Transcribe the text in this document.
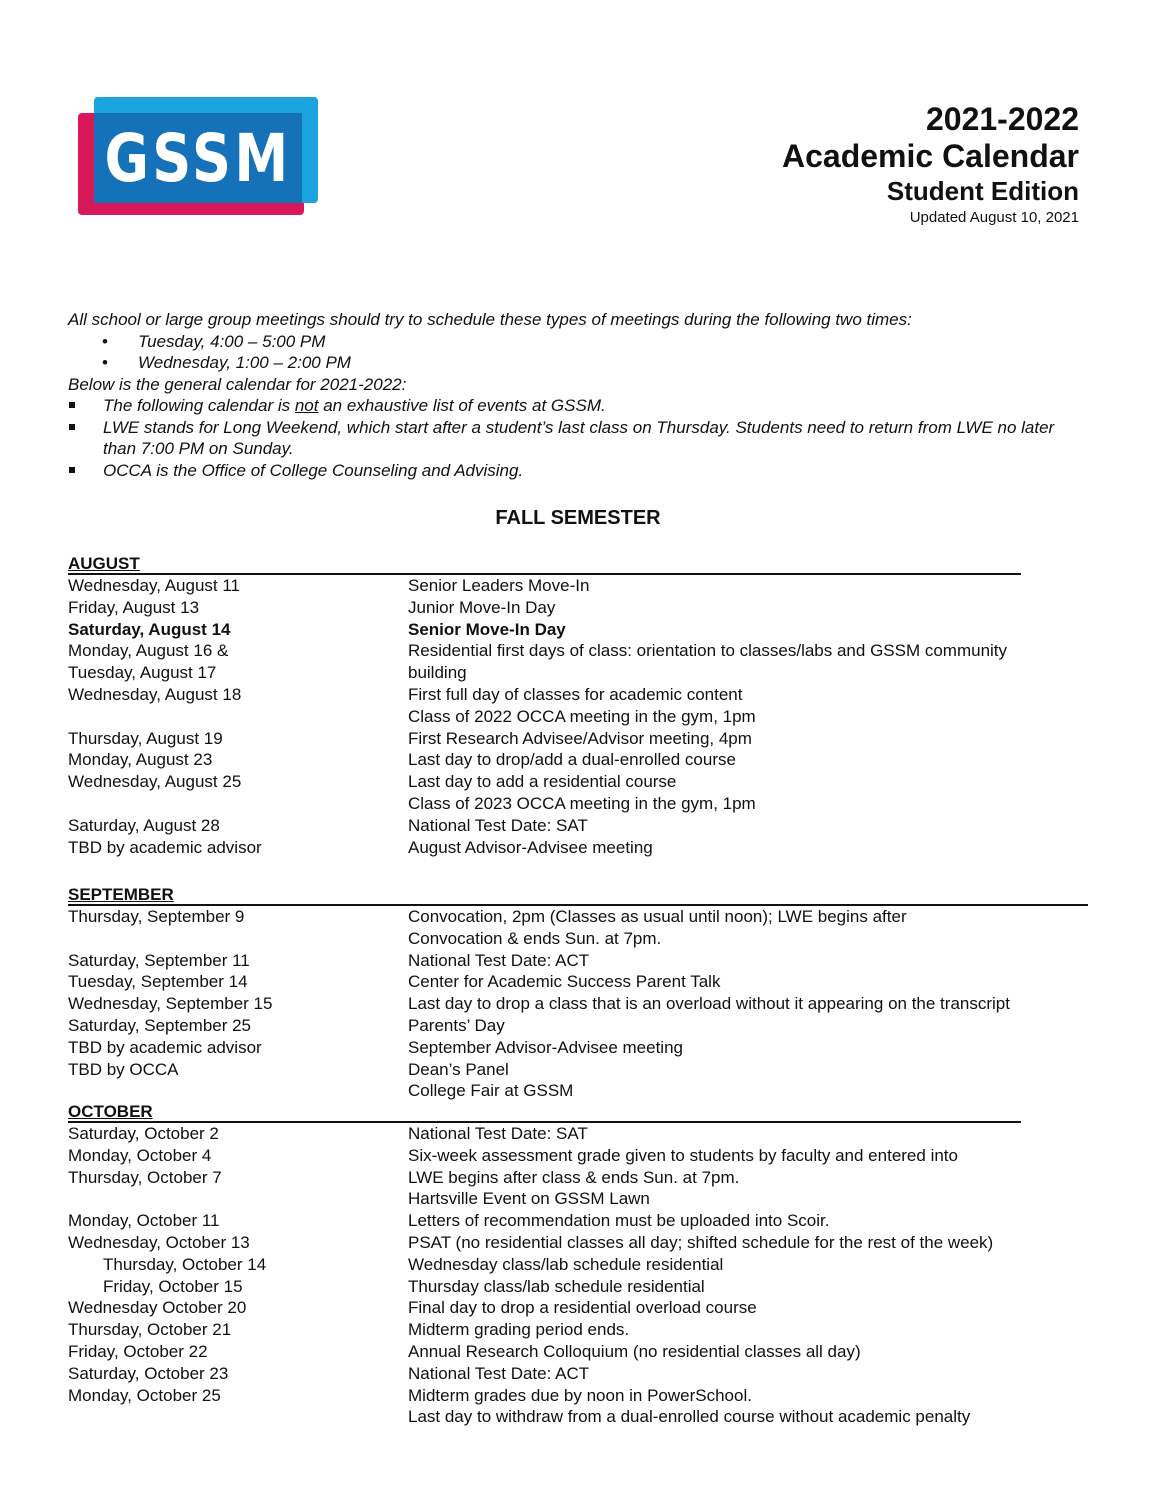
GSSM
2021-2022
Academic Calendar
Student Edition
Updated August 10, 2021

All school or large group meetings should try to schedule these types of meetings during the following two times:

• Tuesday, 4:00 – 5:00 PM
• Wednesday, 1:00 – 2:00 PM

Below is the general calendar for 2021-2022:

The following calendar is not an exhaustive list of events at GSSM.
LWE stands for Long Weekend, which start after a student’s last class on Thursday. Students need to return from LWE no later than 7:00 PM on Sunday.
OCCA is the Office of College Counseling and Advising.
FALL SEMESTER
AUGUST
Wednesday, August 11	Senior Leaders Move-In
Friday, August 13	Junior Move-In Day
Saturday, August 14	Senior Move-In Day
Monday, August 16 &	Residential first days of class: orientation to classes/labs and GSSM community
Tuesday, August 17	building
Wednesday, August 18	First full day of classes for academic content
Class of 2022 OCCA meeting in the gym, 1pm
Thursday, August 19	First Research Advisee/Advisor meeting, 4pm
Monday, August 23	Last day to drop/add a dual-enrolled course
Wednesday, August 25	Last day to add a residential course
Class of 2023 OCCA meeting in the gym, 1pm
Saturday, August 28	National Test Date: SAT
TBD by academic advisor	August Advisor-Advisee meeting
SEPTEMBER
Thursday, September 9	Convocation, 2pm (Classes as usual until noon); LWE begins after
Convocation & ends Sun. at 7pm.
Saturday, September 11	National Test Date: ACT
Tuesday, September 14	Center for Academic Success Parent Talk
Wednesday, September 15	Last day to drop a class that is an overload without it appearing on the transcript
Saturday, September 25	Parents’ Day
TBD by academic advisor	September Advisor-Advisee meeting
TBD by OCCA	Dean’s Panel
College Fair at GSSM
OCTOBER
Saturday, October 2	National Test Date: SAT
Monday, October 4	Six-week assessment grade given to students by faculty and entered into
Thursday, October 7	LWE begins after class & ends Sun. at 7pm.
Hartsville Event on GSSM Lawn
Monday, October 11	Letters of recommendation must be uploaded into Scoir.
Wednesday, October 13	PSAT (no residential classes all day; shifted schedule for the rest of the week)
Thursday, October 14	Wednesday class/lab schedule residential
Friday, October 15	Thursday class/lab schedule residential
Wednesday October 20	Final day to drop a residential overload course
Thursday, October 21	Midterm grading period ends.
Friday, October 22	Annual Research Colloquium (no residential classes all day)
Saturday, October 23	National Test Date: ACT
Monday, October 25	Midterm grades due by noon in PowerSchool.
Last day to withdraw from a dual-enrolled course without academic penalty
